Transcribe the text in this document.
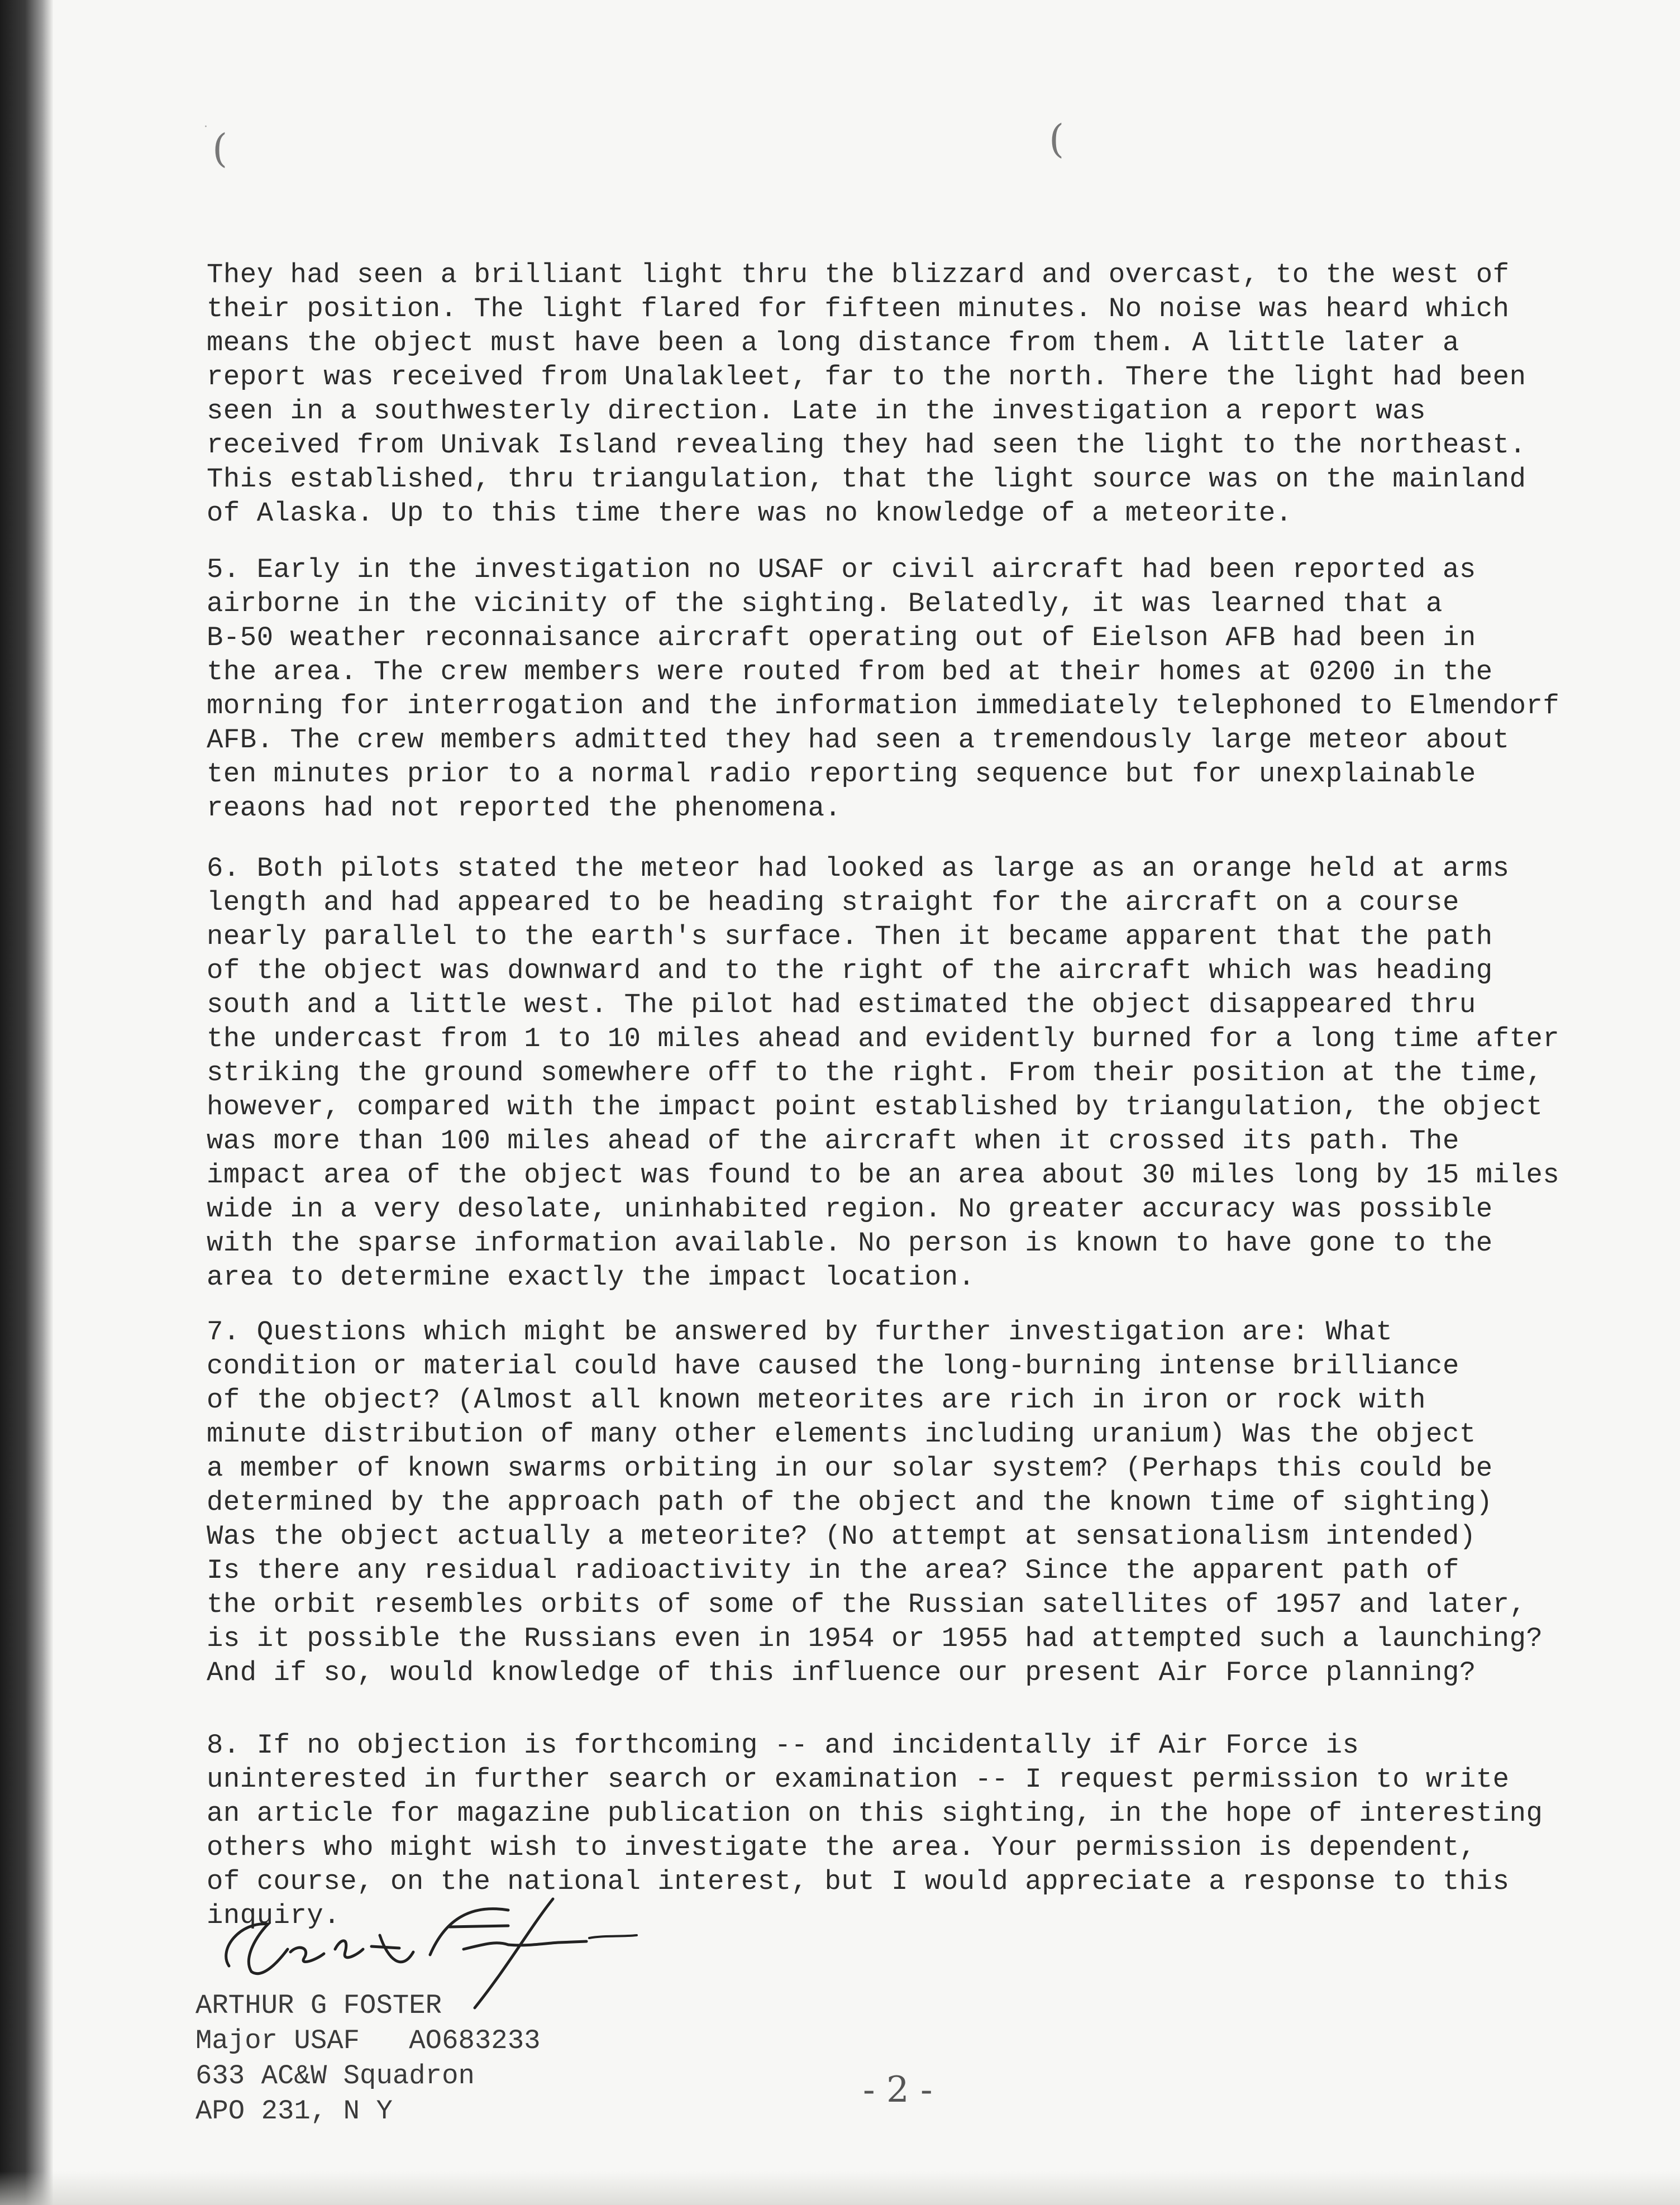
(	(
·
They had seen a brilliant light thru the blizzard and overcast, to the west of
their position. The light flared for fifteen minutes. No noise was heard which
means the object must have been a long distance from them. A little later a
report was received from Unalakleet, far to the north. There the light had been
seen in a southwesterly direction. Late in the investigation a report was
received from Univak Island revealing they had seen the light to the northeast.
This established, thru triangulation, that the light source was on the mainland
of Alaska. Up to this time there was no knowledge of a meteorite.
5. Early in the investigation no USAF or civil aircraft had been reported as
airborne in the vicinity of the sighting. Belatedly, it was learned that a
B-50 weather reconnaisance aircraft operating out of Eielson AFB had been in
the area. The crew members were routed from bed at their homes at 0200 in the
morning for interrogation and the information immediately telephoned to Elmendorf
AFB. The crew members admitted they had seen a tremendously large meteor about
ten minutes prior to a normal radio reporting sequence but for unexplainable
reaons had not reported the phenomena.
6. Both pilots stated the meteor had looked as large as an orange held at arms
length and had appeared to be heading straight for the aircraft on a course
nearly parallel to the earth's surface. Then it became apparent that the path
of the object was downward and to the right of the aircraft which was heading
south and a little west. The pilot had estimated the object disappeared thru
the undercast from 1 to 10 miles ahead and evidently burned for a long time after
striking the ground somewhere off to the right. From their position at the time,
however, compared with the impact point established by triangulation, the object
was more than 100 miles ahead of the aircraft when it crossed its path. The
impact area of the object was found to be an area about 30 miles long by 15 miles
wide in a very desolate, uninhabited region. No greater accuracy was possible
with the sparse information available. No person is known to have gone to the
area to determine exactly the impact location.
7. Questions which might be answered by further investigation are: What
condition or material could have caused the long-burning intense brilliance
of the object? (Almost all known meteorites are rich in iron or rock with
minute distribution of many other elements including uranium) Was the object
a member of known swarms orbiting in our solar system? (Perhaps this could be
determined by the approach path of the object and the known time of sighting)
Was the object actually a meteorite? (No attempt at sensationalism intended)
Is there any residual radioactivity in the area? Since the apparent path of
the orbit resembles orbits of some of the Russian satellites of 1957 and later,
is it possible the Russians even in 1954 or 1955 had attempted such a launching?
And if so, would knowledge of this influence our present Air Force planning?
8. If no objection is forthcoming -- and incidentally if Air Force is
uninterested in further search or examination -- I request permission to write
an article for magazine publication on this sighting, in the hope of interesting
others who might wish to investigate the area. Your permission is dependent,
of course, on the national interest, but I would appreciate a response to this
inquiry.
ARTHUR G FOSTER
Major USAF   AO683233
633 AC&W Squadron
APO 231, N Y
- 2 -
